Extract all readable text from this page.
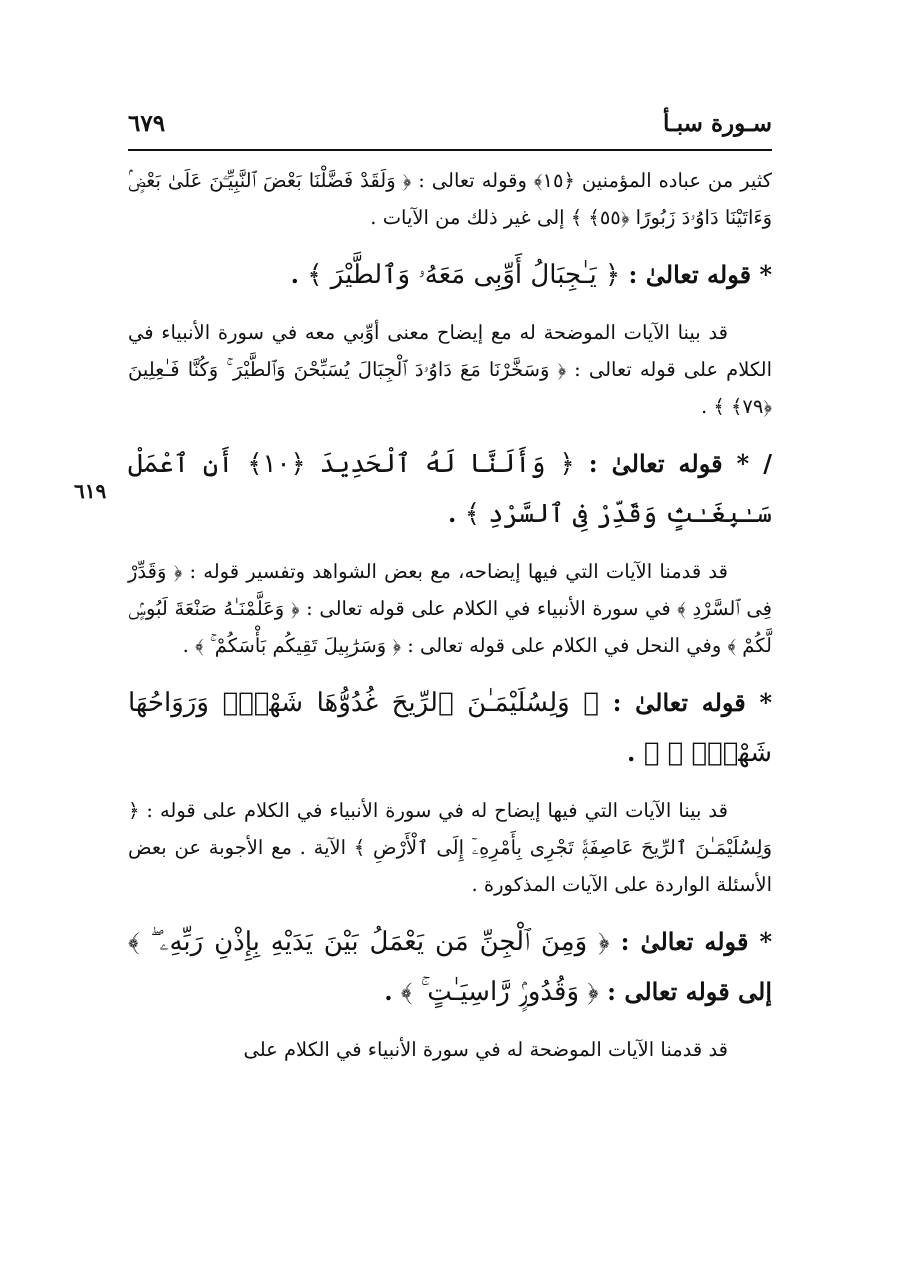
سـورة سبـأ
٦٧٩
٦١٩

كثير من عباده المؤمنين ﴿١٥﴾ وقوله تعالى : ﴿ وَلَقَدْ فَضَّلْنَا بَعْضَ ٱلنَّبِيِّـۧنَ عَلَىٰ بَعْضٍۢ وَءَاتَيْنَا دَاوُۥدَ زَبُورًا ﴿٥٥﴾ ﴾ إلى غير ذلك من الآيات .

* قوله تعالىٰ : ﴿ يَـٰجِبَالُ أَوِّبِى مَعَهُۥ وَٱلطَّيْرَ ﴾ .

قد بينا الآيات الموضحة له مع إيضاح معنى أوِّبي معه في سورة الأنبياء في الكلام على قوله تعالى : ﴿ وَسَخَّرْنَا مَعَ دَاوُۥدَ ٱلْجِبَالَ يُسَبِّحْنَ وَٱلطَّيْرَ ۚ وَكُنَّا فَـٰعِلِينَ ﴿٧٩﴾ ﴾ .

/ * قوله تعالىٰ : ﴿ وَأَلَنَّا لَهُ ٱلْحَدِيدَ ﴿١٠﴾ أَنِ ٱعْمَلْ سَـٰبِغَـٰتٍۢ وَقَدِّرْ فِى ٱلسَّرْدِ ﴾ .

قد قدمنا الآيات التي فيها إيضاحه، مع بعض الشواهد وتفسير قوله : ﴿ وَقَدِّرْ فِى ٱلسَّرْدِ ﴾ في سورة الأنبياء في الكلام على قوله تعالى : ﴿ وَعَلَّمْنَـٰهُ صَنْعَةَ لَبُوسٍۢ لَّكُمْ ﴾ وفي النحل في الكلام على قوله تعالى : ﴿ وَسَرَٰبِيلَ تَقِيكُم بَأْسَكُمْ ۚ ﴾ .

* قوله تعالىٰ : ﴿ وَلِسُلَيْمَـٰنَ ٱلرِّيحَ غُدُوُّهَا شَهْرٌۭ وَرَوَاحُهَا شَهْرٌۭ ۖ ﴾ .

قد بينا الآيات التي فيها إيضاح له في سورة الأنبياء في الكلام على قوله : ﴿ وَلِسُلَيْمَـٰنَ ٱلرِّيحَ عَاصِفَةًۭ تَجْرِى بِأَمْرِهِۦٓ إِلَى ٱلْأَرْضِ ﴾ الآية . مع الأجوبة عن بعض الأسئلة الواردة على الآيات المذكورة .

* قوله تعالىٰ : ﴿ وَمِنَ ٱلْجِنِّ مَن يَعْمَلُ بَيْنَ يَدَيْهِ بِإِذْنِ رَبِّهِۦ ۖ ﴾ إلى قوله تعالى : ﴿ وَقُدُورٍۢ رَّاسِيَـٰتٍ ۚ ﴾ .

قد قدمنا الآيات الموضحة له في سورة الأنبياء في الكلام على
